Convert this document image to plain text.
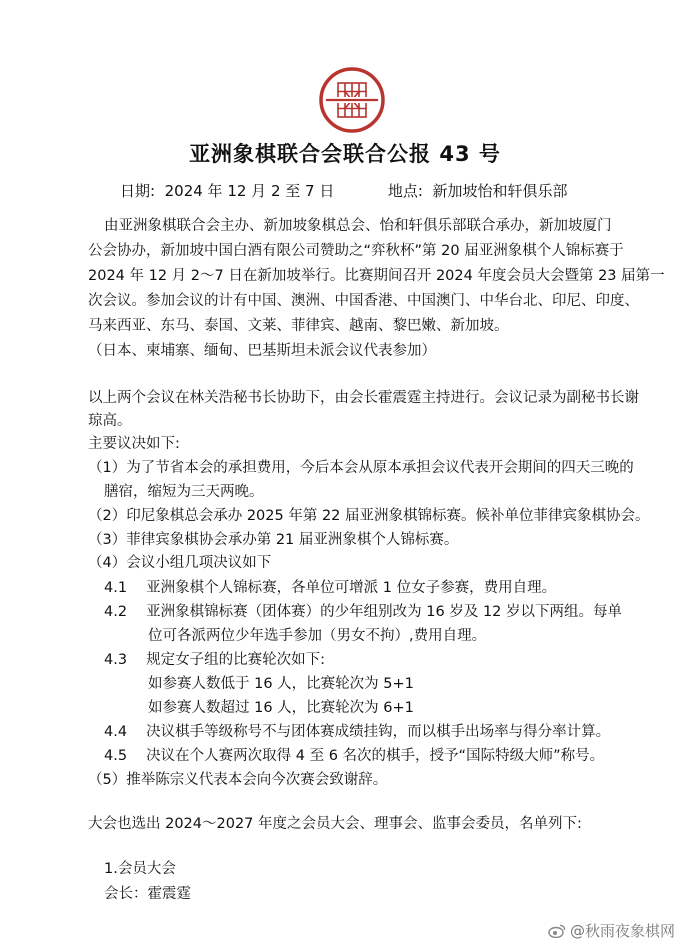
亚洲象棋联合会联合公报 43 号
日期: 2024 年 12 月 2 至 7 日	地点: 新加坡怡和轩俱乐部
由亚洲象棋联合会主办、新加坡象棋总会、怡和轩俱乐部联合承办，新加坡厦门
公会协办，新加坡中国白酒有限公司赞助之“弈秋杯”第 20 届亚洲象棋个人锦标赛于
2024 年 12 月 2～7 日在新加坡举行。比赛期间召开 2024 年度会员大会暨第 23 届第一
次会议。参加会议的计有中国、澳洲、中国香港、中国澳门、中华台北、印尼、印度、
马来西亚、东马、泰国、文莱、菲律宾、越南、黎巴嫩、新加坡。
（日本、柬埔寨、缅甸、巴基斯坦未派会议代表参加）
以上两个会议在林关浩秘书长协助下，由会长霍震霆主持进行。会议记录为副秘书长谢
琼高。
主要议决如下:
（1）为了节省本会的承担费用，今后本会从原本承担会议代表开会期间的四天三晚的
膳宿，缩短为三天两晚。
（2）印尼象棋总会承办 2025 年第 22 届亚洲象棋锦标赛。候补单位菲律宾象棋协会。
（3）菲律宾象棋协会承办第 21 届亚洲象棋个人锦标赛。
（4）会议小组几项决议如下
4.1　 亚洲象棋个人锦标赛，各单位可增派 1 位女子参赛，费用自理。
4.2　 亚洲象棋锦标赛（团体赛）的少年组别改为 16 岁及 12 岁以下两组。每单
位可各派两位少年选手参加（男女不拘）,费用自理。
4.3　 规定女子组的比赛轮次如下:
如参赛人数低于 16 人，比赛轮次为 5+1
如参赛人数超过 16 人，比赛轮次为 6+1
4.4　 决议棋手等级称号不与团体赛成绩挂钩，而以棋手出场率与得分率计算。
4.5　 决议在个人赛两次取得 4 至 6 名次的棋手，授予“国际特级大师”称号。
（5）推举陈宗义代表本会向今次赛会致谢辞。
大会也选出 2024～2027 年度之会员大会、理事会、监事会委员，名单列下:
1.会员大会
会长：霍震霆
@秋雨夜象棋网
